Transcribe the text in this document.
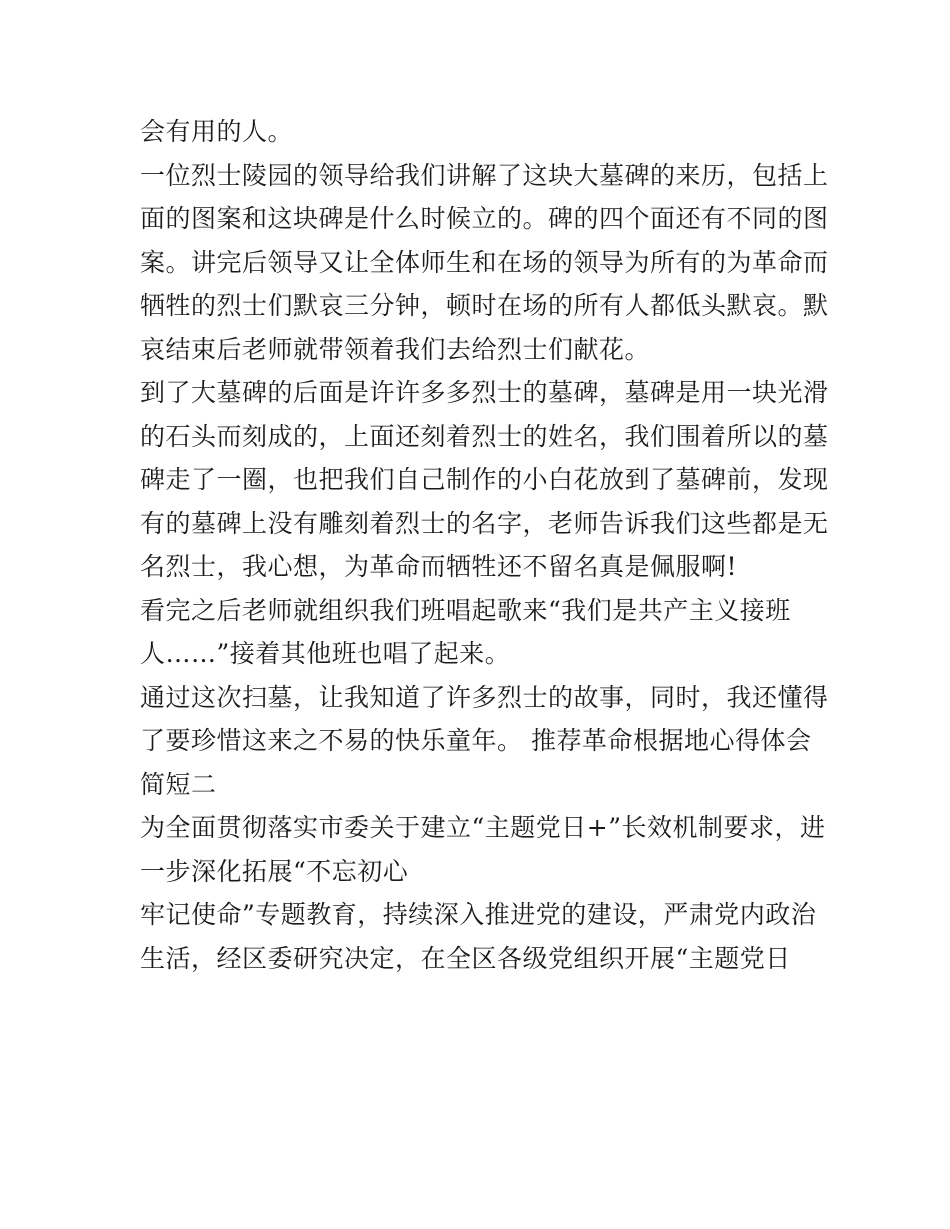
会有用的人。
一位烈士陵园的领导给我们讲解了这块大墓碑的来历，包括上
面的图案和这块碑是什么时候立的。碑的四个面还有不同的图
案。讲完后领导又让全体师生和在场的领导为所有的为革命而
牺牲的烈士们默哀三分钟，顿时在场的所有人都低头默哀。默
哀结束后老师就带领着我们去给烈士们献花。
到了大墓碑的后面是许许多多烈士的墓碑，墓碑是用一块光滑
的石头而刻成的，上面还刻着烈士的姓名，我们围着所以的墓
碑走了一圈，也把我们自己制作的小白花放到了墓碑前，发现
有的墓碑上没有雕刻着烈士的名字，老师告诉我们这些都是无
名烈士，我心想，为革命而牺牲还不留名真是佩服啊!
看完之后老师就组织我们班唱起歌来“我们是共产主义接班
人……”接着其他班也唱了起来。
通过这次扫墓，让我知道了许多烈士的故事，同时，我还懂得
了要珍惜这来之不易的快乐童年。 推荐革命根据地心得体会
简短二
为全面贯彻落实市委关于建立“主题党日+”长效机制要求，进
一步深化拓展“不忘初心
牢记使命”专题教育，持续深入推进党的建设，严肃党内政治
生活，经区委研究决定，在全区各级党组织开展“主题党日
